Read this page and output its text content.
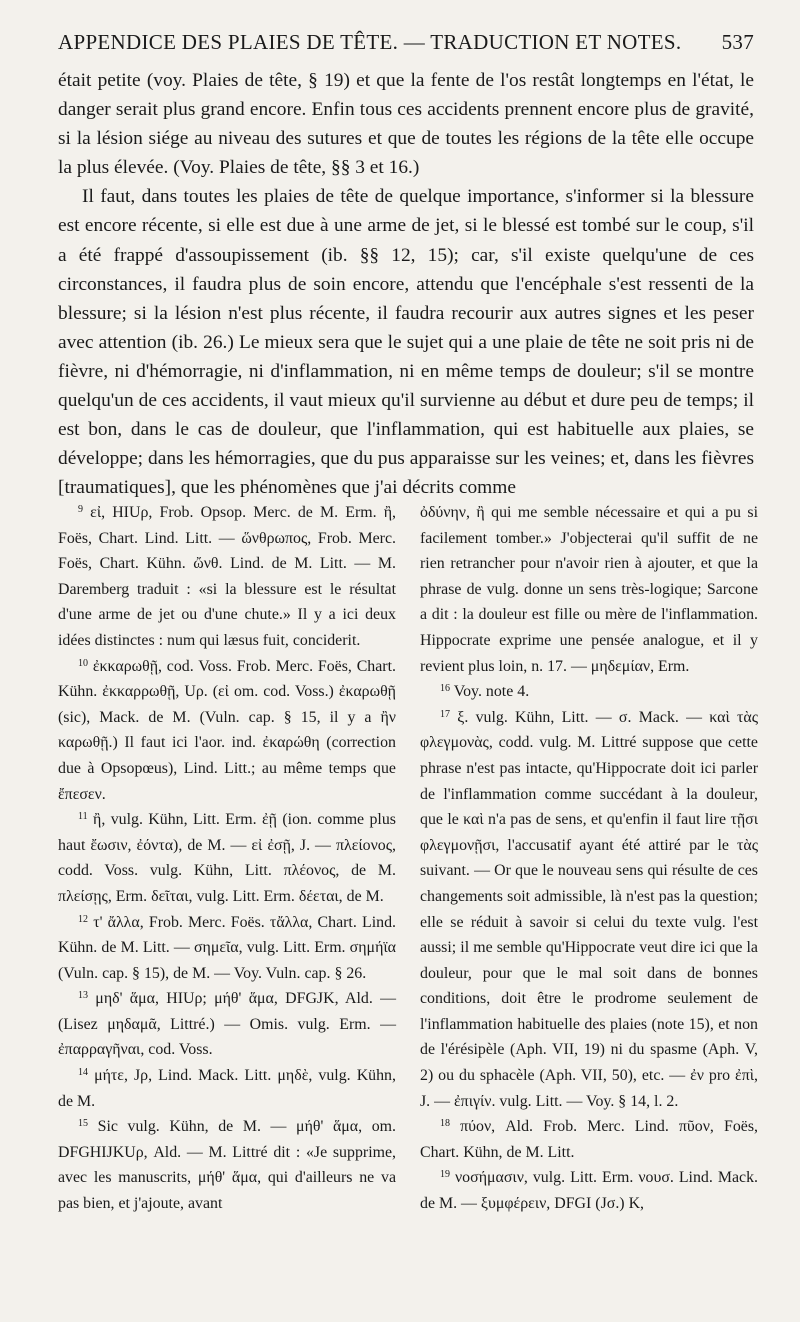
APPENDICE DES PLAIES DE TÊTE. — TRADUCTION ET NOTES. 537

était petite (voy. Plaies de tête, § 19) et que la fente de l'os restât longtemps en l'état, le danger serait plus grand encore. Enfin tous ces accidents prennent encore plus de gravité, si la lésion siége au niveau des sutures et que de toutes les régions de la tête elle occupe la plus élevée. (Voy. Plaies de tête, §§ 3 et 16.)

Il faut, dans toutes les plaies de tête de quelque importance, s'informer si la blessure est encore récente, si elle est due à une arme de jet, si le blessé est tombé sur le coup, s'il a été frappé d'assoupissement (ib. §§ 12, 15); car, s'il existe quelqu'une de ces circonstances, il faudra plus de soin encore, attendu que l'encéphale s'est ressenti de la blessure; si la lésion n'est plus récente, il faudra recourir aux autres signes et les peser avec attention (ib. 26.) Le mieux sera que le sujet qui a une plaie de tête ne soit pris ni de fièvre, ni d'hémorragie, ni d'inflammation, ni en même temps de douleur; s'il se montre quelqu'un de ces accidents, il vaut mieux qu'il survienne au début et dure peu de temps; il est bon, dans le cas de douleur, que l'inflammation, qui est habituelle aux plaies, se développe; dans les hémorragies, que du pus apparaisse sur les veines; et, dans les fièvres [traumatiques], que les phénomènes que j'ai décrits comme

$^9$ εἰ, HIUρ, Frob. Opsop. Merc. de M. Erm. ἢ, Foës, Chart. Lind. Litt. — ὥνθρωπος, Frob. Merc. Foës, Chart. Kühn. ὤνθ. Lind. de M. Litt. — M. Daremberg traduit : «si la blessure est le résultat d'une arme de jet ou d'une chute.» Il y a ici deux idées distinctes : num qui læsus fuit, conciderit.

$^{10}$ ἐκκαρωθῇ, cod. Voss. Frob. Merc. Foës, Chart. Kühn. ἐκκαρρωθῇ, Uρ. (εἰ om. cod. Voss.) ἐκαρωθῇ (sic), Mack. de M. (Vuln. cap. § 15, il y a ἢν καρωθῇ.) Il faut ici l'aor. ind. ἐκαρώθη (correction due à Opsopœus), Lind. Litt.; au même temps que ἔπεσεν.

$^{11}$ ἢ, vulg. Kühn, Litt. Erm. ἐῇ (ion. comme plus haut ἔωσιν, ἐόντα), de M. — εἰ ἐσῇ, J. — πλείονος, codd. Voss. vulg. Kühn, Litt. πλέονος, de M. πλείσῃς, Erm. δεῖται, vulg. Litt. Erm. δέεται, de M.

$^{12}$ τ' ἄλλα, Frob. Merc. Foës. τἄλλα, Chart. Lind. Kühn. de M. Litt. — σημεῖα, vulg. Litt. Erm. σημήϊα (Vuln. cap. § 15), de M. — Voy. Vuln. cap. § 26.

$^{13}$ μηδ' ἅμα, HIUρ; μήθ' ἅμα, DFGJK, Ald. — (Lisez μηδαμᾶ, Littré.) — Omis. vulg. Erm. — ἐπαρραγῆναι, cod. Voss.

$^{14}$ μήτε, Jρ, Lind. Mack. Litt. μηδὲ, vulg. Kühn, de M.

$^{15}$ Sic vulg. Kühn, de M. — μήθ' ἅμα, om. DFGHIJKUρ, Ald. — M. Littré dit : «Je supprime, avec les manuscrits, μήθ' ἅμα, qui d'ailleurs ne va pas bien, et j'ajoute, avant

ὀδύνην, ἢ qui me semble nécessaire et qui a pu si facilement tomber.» J'objecterai qu'il suffit de ne rien retrancher pour n'avoir rien à ajouter, et que la phrase de vulg. donne un sens très-logique; Sarcone a dit : la douleur est fille ou mère de l'inflammation. Hippocrate exprime une pensée analogue, et il y revient plus loin, n. 17. — μηδεμίαν, Erm.

$^{16}$ Voy. note 4.

$^{17}$ ξ. vulg. Kühn, Litt. — σ. Mack. — καὶ τὰς φλεγμονὰς, codd. vulg. M. Littré suppose que cette phrase n'est pas intacte, qu'Hippocrate doit ici parler de l'inflammation comme succédant à la douleur, que le καὶ n'a pas de sens, et qu'enfin il faut lire τῇσι φλεγμονῇσι, l'accusatif ayant été attiré par le τὰς suivant. — Or que le nouveau sens qui résulte de ces changements soit admissible, là n'est pas la question; elle se réduit à savoir si celui du texte vulg. l'est aussi; il me semble qu'Hippocrate veut dire ici que la douleur, pour que le mal soit dans de bonnes conditions, doit être le prodrome seulement de l'inflammation habituelle des plaies (note 15), et non de l'érésipèle (Aph. VII, 19) ni du spasme (Aph. V, 2) ou du sphacèle (Aph. VII, 50), etc. — ἐν pro ἐπὶ, J. — ἐπιγίν. vulg. Litt. — Voy. § 14, l. 2.

$^{18}$ πύον, Ald. Frob. Merc. Lind. πῦον, Foës, Chart. Kühn, de M. Litt.

$^{19}$ νοσήμασιν, vulg. Litt. Erm. νουσ. Lind. Mack. de M. — ξυμφέρειν, DFGI (Jσ.) K,
